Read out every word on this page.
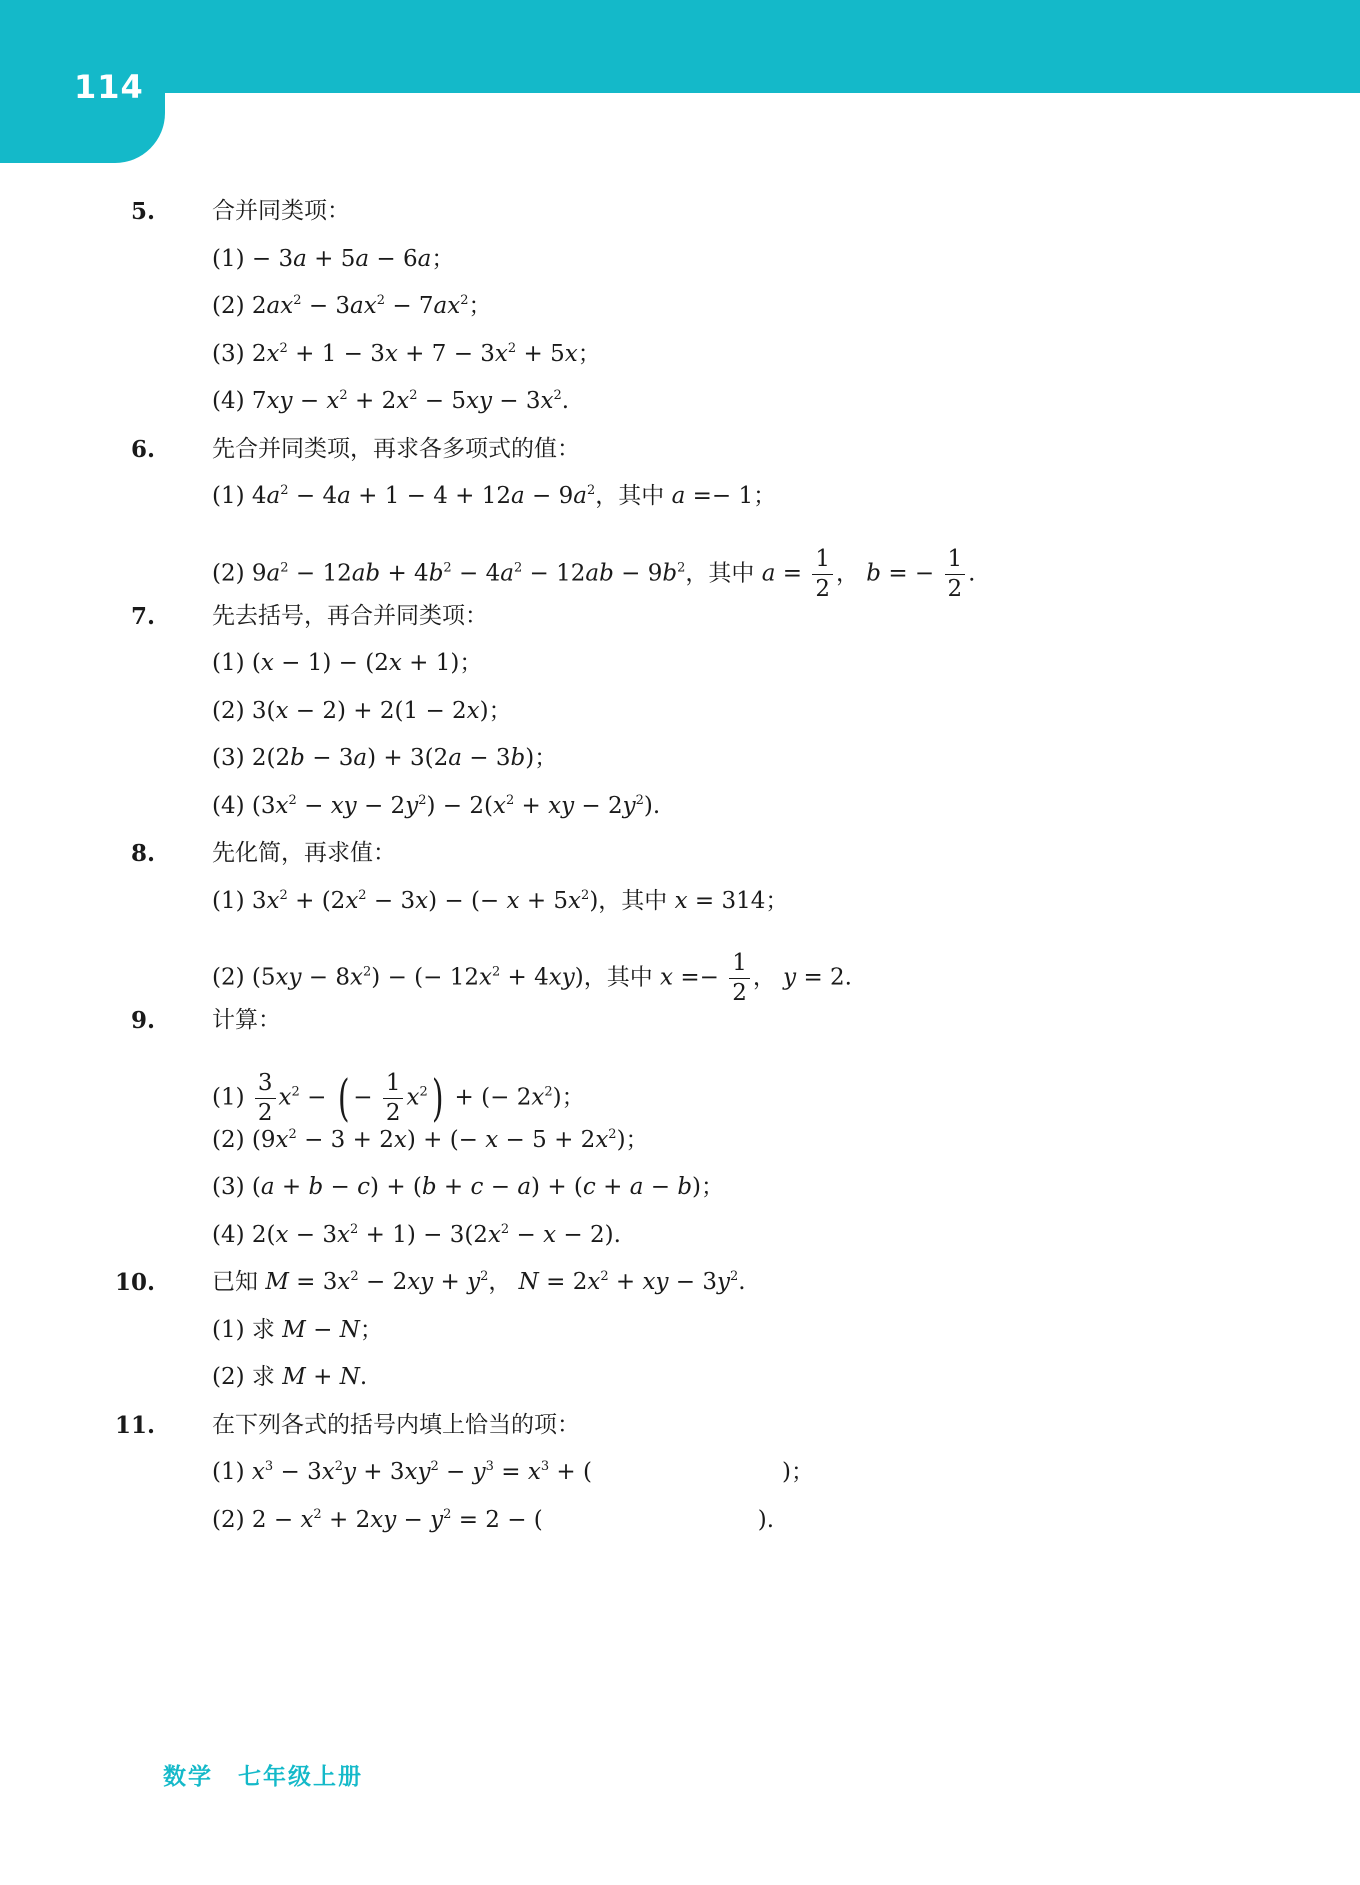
114
5. 合并同类项：
(1) − 3a + 5a − 6a；
(2) $2ax^2 - 3ax^2 - 7ax^2$；
(3) $2x^2 + 1 - 3x + 7 - 3x^2 + 5x$；
(4) $7xy - x^2 + 2x^2 - 5xy - 3x^2$.
6. 先合并同类项，再求各多项式的值：
(1) $4a^2 - 4a + 1 - 4 + 12a - 9a^2$，其中 a =− 1；
(2) $9a^2 - 12ab + 4b^2 - 4a^2 - 12ab - 9b^2$，其中 $a = \frac{1}{2}$ ， b = − $\frac{1}{2}$ .
7. 先去括号，再合并同类项：
(1) (x − 1) − (2x + 1)；
(2) 3(x − 2) + 2(1 − 2x)；
(3) 2(2b − 3a) + 3(2a − 3b)；
(4) ($3x^2$ − xy − $2y^2) - 2(x^2$ + xy − $2y^2$).
8. 先化简，再求值：
(1) $3x^2 + (2x^2 - 3x)$ − (− $x + 5x^2$)，其中 x = 314；
(2) $(5xy - 8x^2)$ − (− $12x^2 + 4xy$)，其中 $x =- \frac{1}{2}$ ， y = 2.
9. 计算：
$(1) \frac{3}{2} x^2$ − ( − $\frac{1}{2} x^2$) + (− $2x^2$)；
(2) $(9x^2 - 3 + 2x)$ + (− $x - 5 + 2x^2$)；
(3) (a + b − c) + (b + c − a) + (c + a − b)；
(4) $2(x - 3x^2 + 1) - 3(2x^2 - x - 2)$.
10. 已知 $M = 3x^2 - 2xy + y^2$， $N = 2x^2$ + xy − $3y^2$.
(1) 求 M − N；
(2) 求 M + N.
11. 在下列各式的括号内填上恰当的项：
(1) $x^3 - 3x^2y + 3xy^2 - y^3 = x^3$ + (	)；
(2) $2 - x^2 + 2xy - y^2 = 2$ − (	).
数学　 七年级上册
